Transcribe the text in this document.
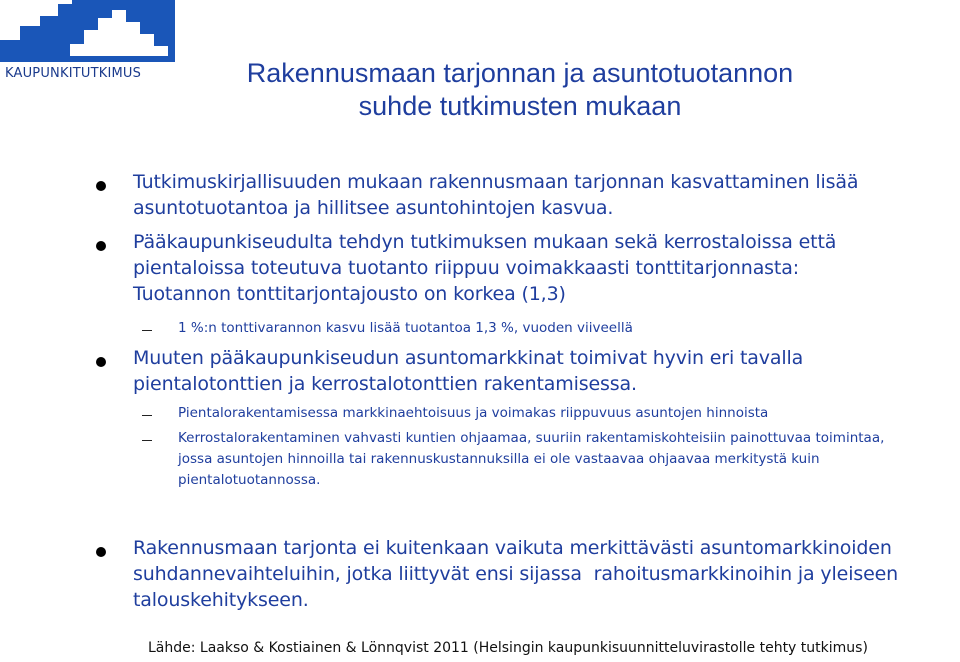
KAUPUNKITUTKIMUS	Rakennusmaan tarjonnan ja asuntotuotannon
suhde tutkimusten mukaan
Tutkimuskirjallisuuden mukaan rakennusmaan tarjonnan kasvattaminen lisää
asuntotuotantoa ja hillitsee asuntohintojen kasvua.
Pääkaupunkiseudulta tehdyn tutkimuksen mukaan sekä kerrostaloissa että
pientaloissa toteutuva tuotanto riippuu voimakkaasti tonttitarjonnasta:
Tuotannon tonttitarjontajousto on korkea (1,3)
1 %:n tonttivarannon kasvu lisää tuotantoa 1,3 %, vuoden viiveellä
Muuten pääkaupunkiseudun asuntomarkkinat toimivat hyvin eri tavalla
pientalotonttien ja kerrostalotonttien rakentamisessa.
Pientalorakentamisessa markkinaehtoisuus ja voimakas riippuvuus asuntojen hinnoista
Kerrostalorakentaminen vahvasti kuntien ohjaamaa, suuriin rakentamiskohteisiin painottuvaa toimintaa,
jossa asuntojen hinnoilla tai rakennuskustannuksilla ei ole vastaavaa ohjaavaa merkitystä kuin
pientalotuotannossa.
Rakennusmaan tarjonta ei kuitenkaan vaikuta merkittävästi asuntomarkkinoiden
suhdannevaihteluihin, jotka liittyvät ensi sijassa  rahoitusmarkkinoihin ja yleiseen
talouskehitykseen.
Lähde: Laakso & Kostiainen & Lönnqvist 2011 (Helsingin kaupunkisuunnitteluvirastolle tehty tutkimus)
